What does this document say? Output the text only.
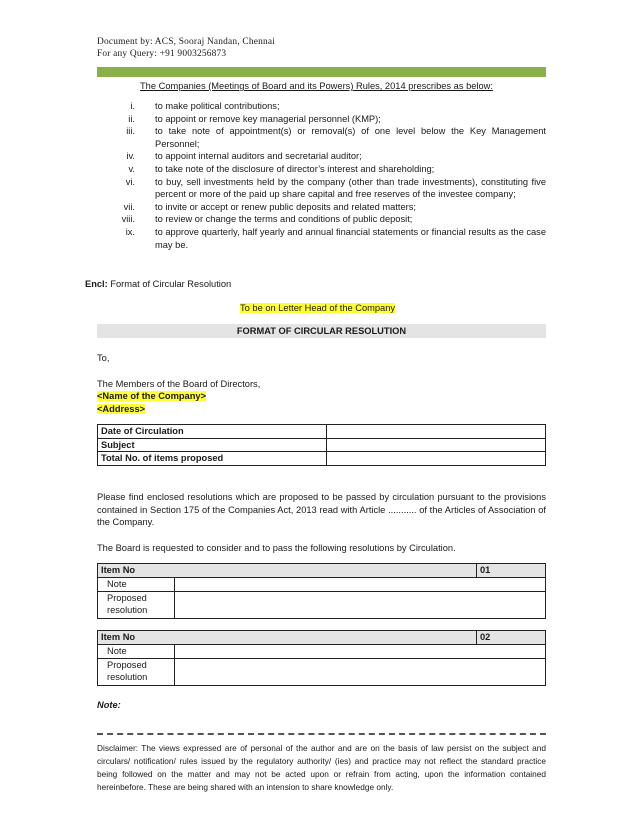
Document by: ACS, Sooraj Nandan, Chennai
For any Query: +91 9003256873
The Companies (Meetings of Board and its Powers) Rules, 2014 prescribes as below:
i. to make political contributions;
ii. to appoint or remove key managerial personnel (KMP);
iii. to take note of appointment(s) or removal(s) of one level below the Key Management Personnel;
iv. to appoint internal auditors and secretarial auditor;
v. to take note of the disclosure of director’s interest and shareholding;
vi. to buy, sell investments held by the company (other than trade investments), constituting five percent or more of the paid up share capital and free reserves of the investee company;
vii. to invite or accept or renew public deposits and related matters;
viii. to review or change the terms and conditions of public deposit;
ix. to approve quarterly, half yearly and annual financial statements or financial results as the case may be.
Encl: Format of Circular Resolution
To be on Letter Head of the Company
FORMAT OF CIRCULAR RESOLUTION
To,
The Members of the Board of Directors,
<Name of the Company>
<Address>
Date of Circulation	
Subject	
Total No. of items proposed	
Please find enclosed resolutions which are proposed to be passed by circulation pursuant to the provisions contained in Section 175 of the Companies Act, 2013 read with Article ........... of the Articles of Association of the Company.
The Board is requested to consider and to pass the following resolutions by Circulation.
Item No		01
Note		
Proposed
resolution		
Item No		02
Note		
Proposed
resolution		
Note:
Disclaimer: The views expressed are of personal of the author and are on the basis of law persist on the subject and circulars/ notification/ rules issued by the regulatory authority/ (ies) and practice may not reflect the standard practice being followed on the matter and may not be acted upon or refrain from acting, upon the information contained hereinbefore. These are being shared with an intension to share knowledge only.
